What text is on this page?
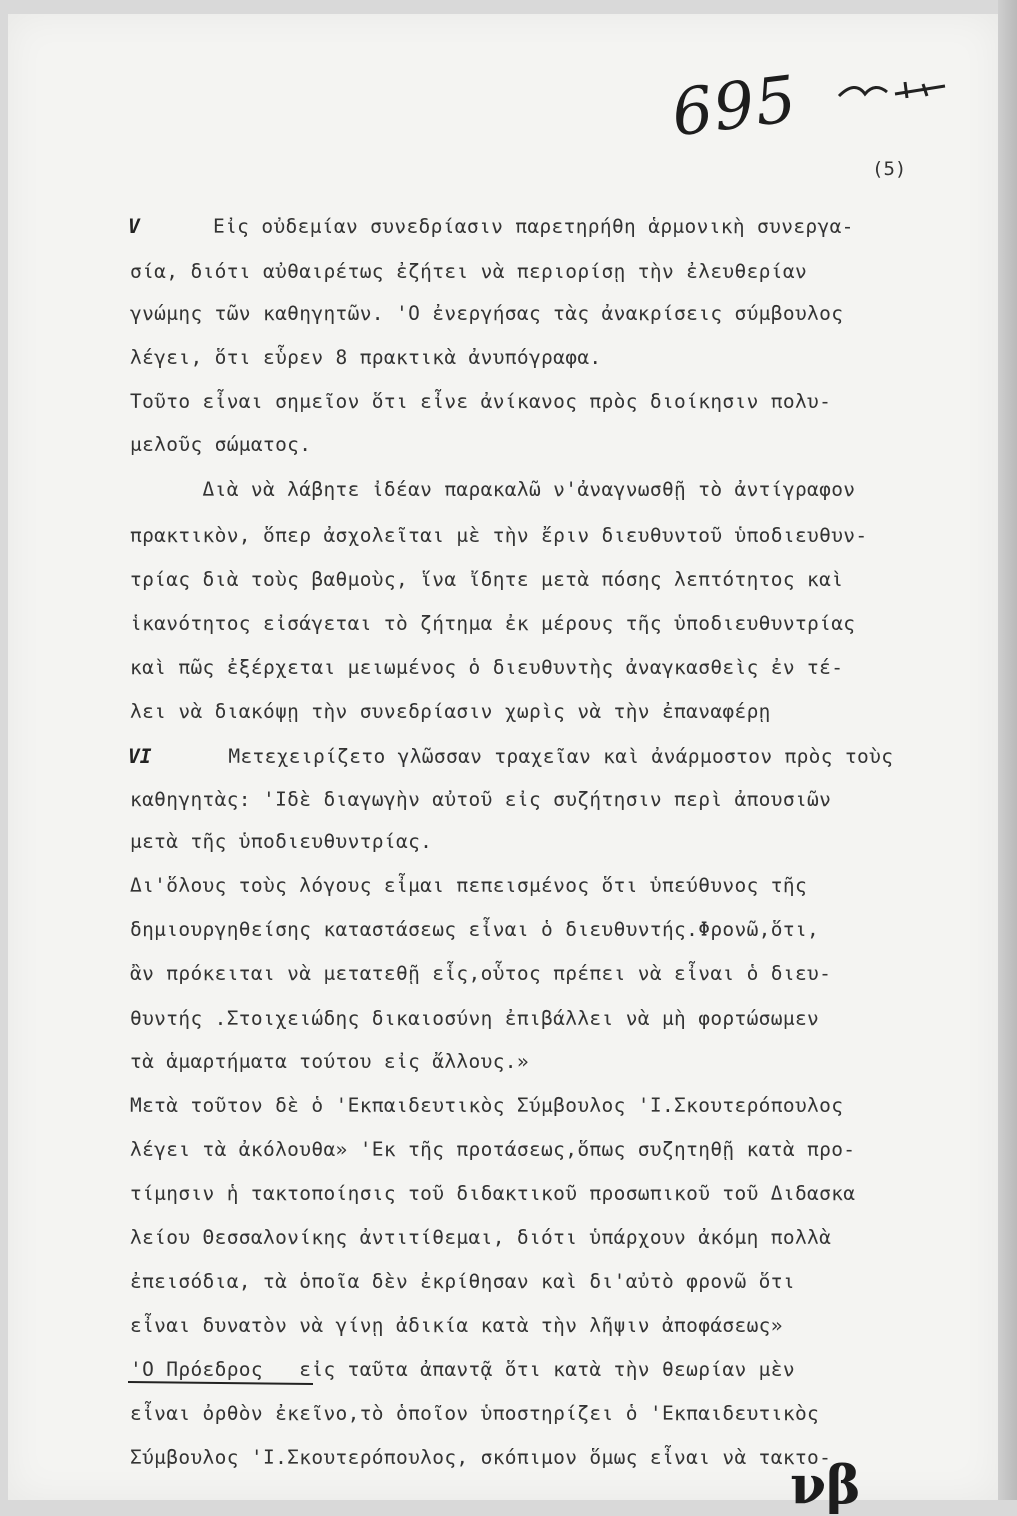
695
(5)
V
VI
Εἰς οὐδεμίαν συνεδρίασιν παρετηρήθη ἁρμονικὴ συνεργα-
σία, διότι αὐθαιρέτως ἐζήτει νὰ περιορίσῃ τὴν ἐλευθερίαν
γνώμης τῶν καθηγητῶν. 'Ο ἐνεργήσας τὰς ἀνακρίσεις σύμβουλος
λέγει, ὅτι εὗρεν 8 πρακτικὰ ἀνυπόγραφα.
Τοῦτο εἶναι σημεῖον ὅτι εἶνε ἀνίκανος πρὸς διοίκησιν πολυ-
μελοῦς σώματος.
Διὰ νὰ λάβητε ἰδέαν παρακαλῶ ν'ἀναγνωσθῇ τὸ ἀντίγραφον
πρακτικὸν, ὅπερ ἀσχολεῖται μὲ τὴν ἔριν διευθυντοῦ ὑποδιευθυν-
τρίας διὰ τοὺς βαθμοὺς, ἵνα ἴδητε μετὰ πόσης λεπτότητος καὶ
ἱκανότητος εἰσάγεται τὸ ζήτημα ἐκ μέρους τῆς ὑποδιευθυντρίας
καὶ πῶς ἐξέρχεται μειωμένος ὁ διευθυντὴς ἀναγκασθεὶς ἐν τέ-
λει νὰ διακόψῃ τὴν συνεδρίασιν χωρὶς νὰ τὴν ἐπαναφέρῃ
Μετεχειρίζετο γλῶσσαν τραχεῖαν καὶ ἀνάρμοστον πρὸς τοὺς
καθηγητὰς: 'Ιδὲ διαγωγὴν αὐτοῦ εἰς συζήτησιν περὶ ἀπουσιῶν
μετὰ τῆς ὑποδιευθυντρίας.
Δι'ὅλους τοὺς λόγους εἶμαι πεπεισμένος ὅτι ὑπεύθυνος τῆς
δημιουργηθείσης καταστάσεως εἶναι ὁ διευθυντής.Φρονῶ,ὅτι,
ἂν πρόκειται νὰ μετατεθῇ εἷς,οὗτος πρέπει νὰ εἶναι ὁ διευ-
θυντής .Στοιχειώδης δικαιοσύνη ἐπιβάλλει νὰ μὴ φορτώσωμεν
τὰ ἁμαρτήματα τούτου εἰς ἄλλους.»
Μετὰ τοῦτον δὲ ὁ 'Εκπαιδευτικὸς Σύμβουλος 'Ι.Σκουτερόπουλος
λέγει τὰ ἀκόλουθα» 'Εκ τῆς προτάσεως,ὅπως συζητηθῇ κατὰ προ-
τίμησιν ἡ τακτοποίησις τοῦ διδακτικοῦ προσωπικοῦ τοῦ Διδασκα
λείου Θεσσαλονίκης ἀντιτίθεμαι, διότι ὑπάρχουν ἀκόμη πολλὰ
ἐπεισόδια, τὰ ὁποῖα δὲν ἐκρίθησαν καὶ δι'αὐτὸ φρονῶ ὅτι
εἶναι δυνατὸν νὰ γίνῃ ἀδικία κατὰ τὴν λῆψιν ἀποφάσεως»
'Ο Πρόεδρος   εἰς ταῦτα ἀπαντᾷ ὅτι κατὰ τὴν θεωρίαν μὲν
εἶναι ὀρθὸν ἐκεῖνο,τὸ ὁποῖον ὑποστηρίζει ὁ 'Εκπαιδευτικὸς
Σύμβουλος 'Ι.Σκουτερόπουλος, σκόπιμον ὅμως εἶναι νὰ τακτο-
νβ
